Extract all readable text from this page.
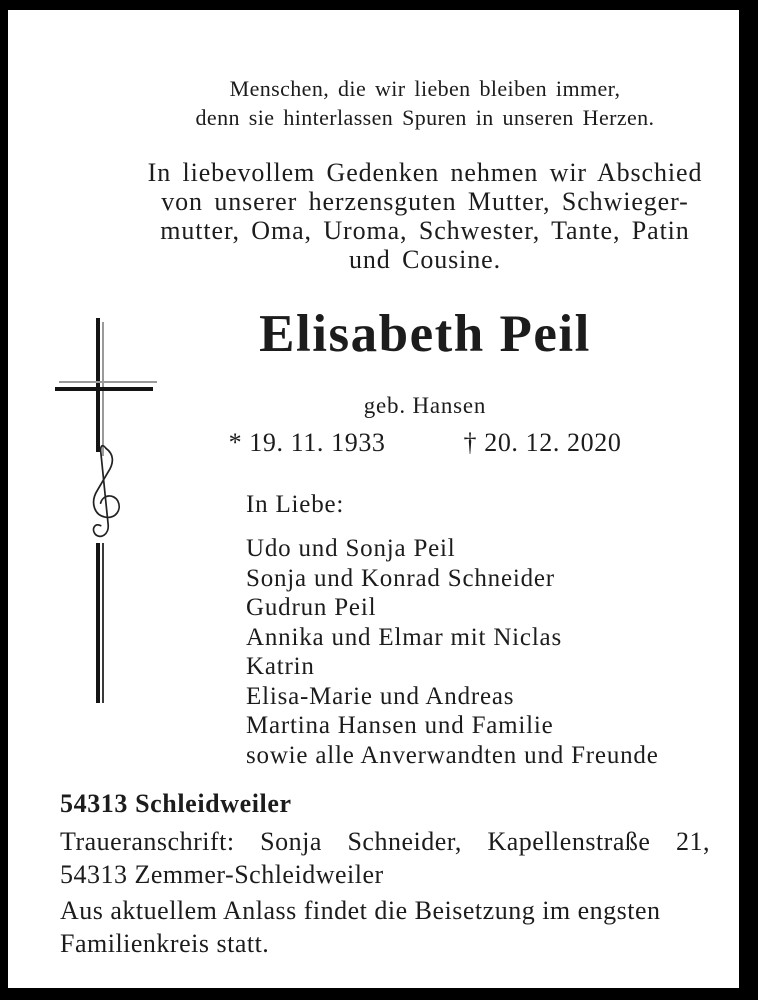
Menschen, die wir lieben bleiben immer,
denn sie hinterlassen Spuren in unseren Herzen.
In liebevollem Gedenken nehmen wir Abschied
von unserer herzensguten Mutter, Schwieger-
mutter, Oma, Uroma, Schwester, Tante, Patin
und Cousine.
Elisabeth Peil
geb. Hansen
* 19. 11. 1933	† 20. 12. 2020
In Liebe:
Udo und Sonja Peil
Sonja und Konrad Schneider
Gudrun Peil
Annika und Elmar mit Niclas
Katrin
Elisa-Marie und Andreas
Martina Hansen und Familie
sowie alle Anverwandten und Freunde
54313 Schleidweiler
Traueranschrift: Sonja Schneider, Kapellenstraße 21,
54313 Zemmer-Schleidweiler
Aus aktuellem Anlass findet die Beisetzung im engsten
Familienkreis statt.
